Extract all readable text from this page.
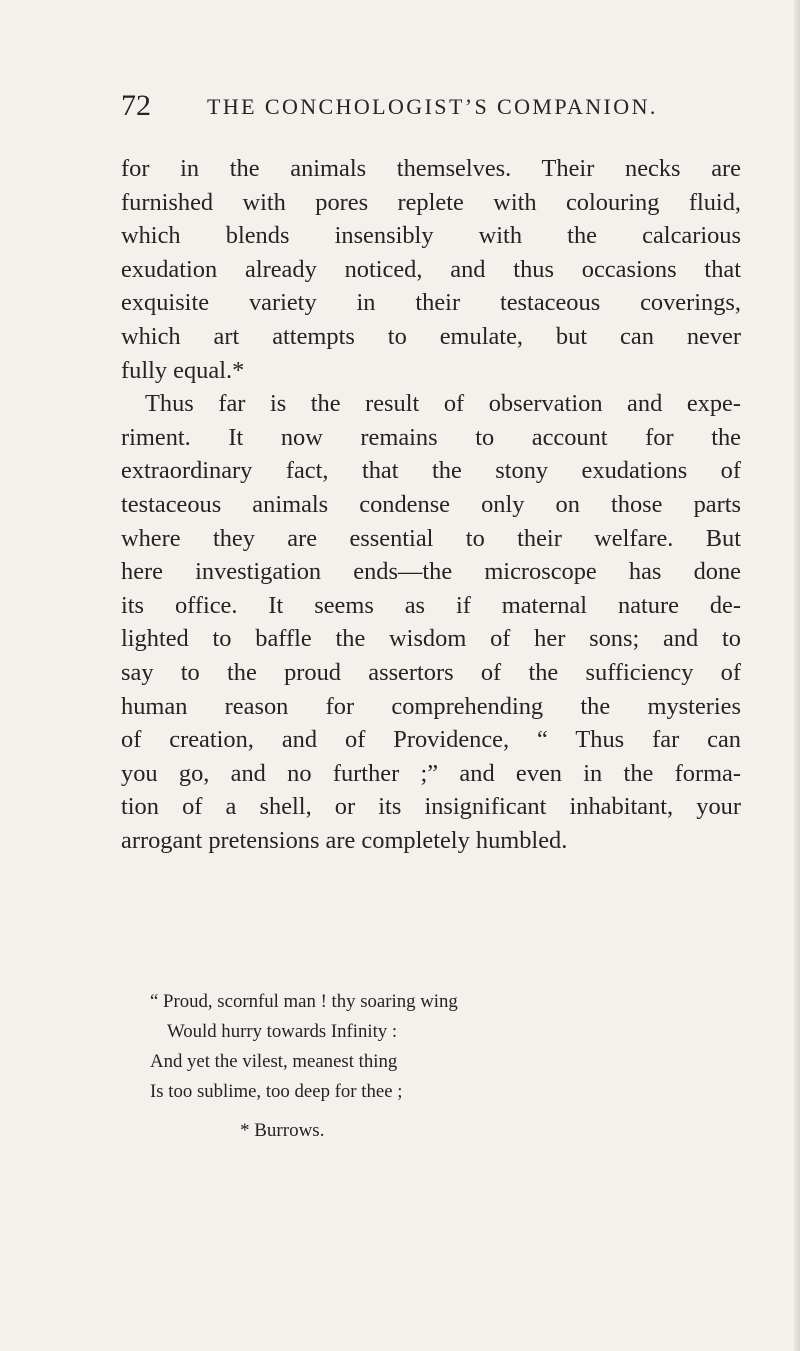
72	THE CONCHOLOGIST’S COMPANION.
for in the animals themselves. Their necks are
furnished with pores replete with colouring fluid,
which blends insensibly with the calcarious
exudation already noticed, and thus occasions that
exquisite variety in their testaceous coverings,
which art attempts to emulate, but can never
fully equal.*
Thus far is the result of observation and expe-
riment. It now remains to account for the
extraordinary fact, that the stony exudations of
testaceous animals condense only on those parts
where they are essential to their welfare. But
here investigation ends—the microscope has done
its office. It seems as if maternal nature de-
lighted to baffle the wisdom of her sons; and to
say to the proud assertors of the sufficiency of
human reason for comprehending the mysteries
of creation, and of Providence, “ Thus far can
you go, and no further ;” and even in the forma-
tion of a shell, or its insignificant inhabitant, your
arrogant pretensions are completely humbled.
“ Proud, scornful man ! thy soaring wing
Would hurry towards Infinity :
And yet the vilest, meanest thing
Is too sublime, too deep for thee ;
* Burrows.
